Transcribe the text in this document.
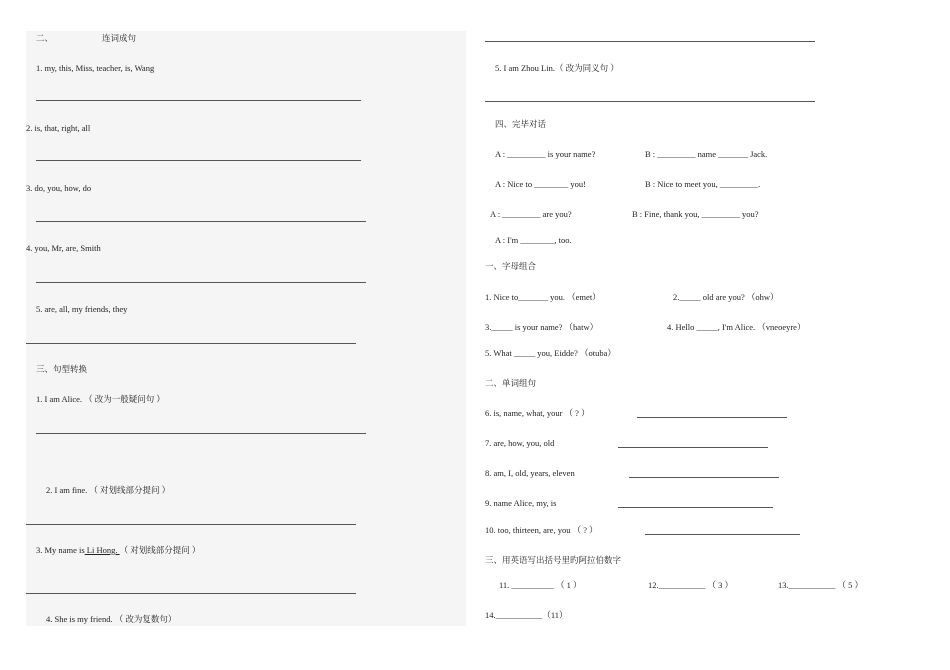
二、	连词成句
1. my, this, Miss, teacher, is, Wang
2. is, that, right, all
3. do, you, how, do
4. you, Mr, are, Smith
5. are, all, my friends, they
三、句型转换
1. I am Alice. （ 改为一般疑问句 ）
2. I am fine. （ 对划线部分提问 ）
3. My name is Li Hong. （ 对划线部分提问 ）
4. She is my friend. （ 改为复数句）
5. I am Zhou Lin.（ 改为同义句 ）
四、完毕对话
A : _________ is your name?	B : _________ name _______ Jack.
A : Nice to ________ you!	B : Nice to meet you, _________.
A : _________ are you?	B : Fine, thank you, _________ you?
A : I'm ________, too.
一、字母组合
1. Nice to_______ you. （emet）	2._____ old are you? （ohw）
3._____ is your name? （hatw）	4. Hello _____, I'm Alice. （vneoeyre）
5. What _____ you, Eidde? （otuba）
二、单词组句
6. is, name, what, your （ ? ）
7. are, how, you, old
8. am, I, old, years, eleven
9. name Alice, my, is
10. too, thirteen, are, you （ ? ）
三、用英语写出括号里旳阿拉伯数字
11. __________ （ 1 ）	12.___________ （ 3 ）	13.___________ （ 5 ）
14.___________（11）
